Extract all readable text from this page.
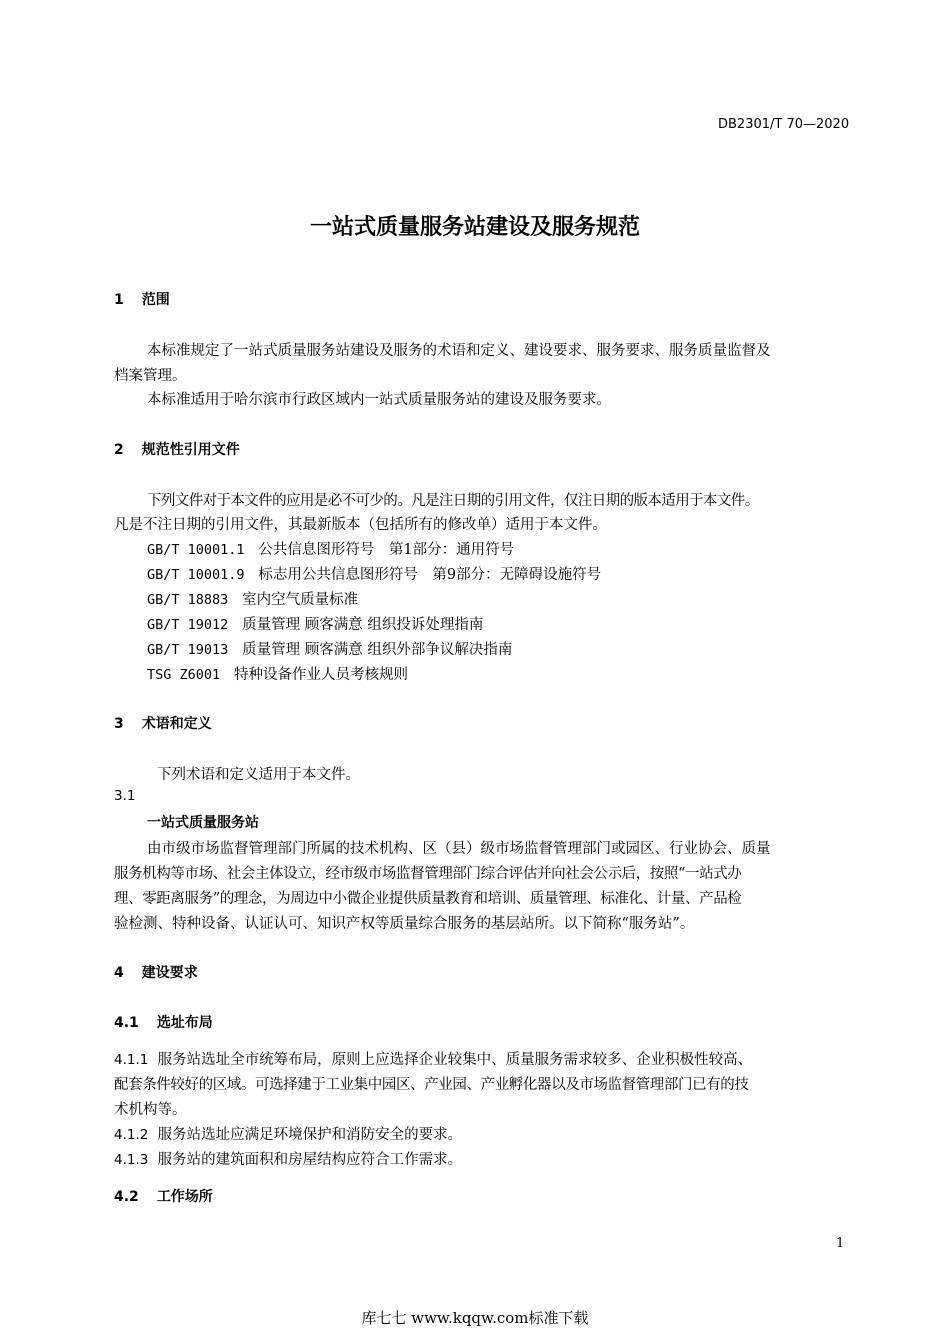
DB2301/T 70—2020
一站式质量服务站建设及服务规范
1 范围
本标准规定了一站式质量服务站建设及服务的术语和定义、建设要求、服务要求、服务质量监督及
档案管理。
本标准适用于哈尔滨市行政区域内一站式质量服务站的建设及服务要求。
2 规范性引用文件
下列文件对于本文件的应用是必不可少的。凡是注日期的引用文件，仅注日期的版本适用于本文件。
凡是不注日期的引用文件，其最新版本（包括所有的修改单）适用于本文件。
GB/T 10001.1 公共信息图形符号　第1部分：通用符号
GB/T 10001.9 标志用公共信息图形符号　第9部分：无障碍设施符号
GB/T 18883 室内空气质量标准
GB/T 19012 质量管理 顾客满意 组织投诉处理指南
GB/T 19013 质量管理 顾客满意 组织外部争议解决指南
TSG Z6001 特种设备作业人员考核规则
3 术语和定义
下列术语和定义适用于本文件。
3.1
一站式质量服务站
由市级市场监督管理部门所属的技术机构、区（县）级市场监督管理部门或园区、行业协会、质量
服务机构等市场、社会主体设立，经市级市场监督管理部门综合评估并向社会公示后，按照“一站式办
理、零距离服务”的理念，为周边中小微企业提供质量教育和培训、质量管理、标准化、计量、产品检
验检测、特种设备、认证认可、知识产权等质量综合服务的基层站所。以下简称“服务站”。
4 建设要求
4.1 选址布局
4.1.1 服务站选址全市统筹布局，原则上应选择企业较集中、质量服务需求较多、企业积极性较高、
配套条件较好的区域。可选择建于工业集中园区、产业园、产业孵化器以及市场监督管理部门已有的技
术机构等。
4.1.2 服务站选址应满足环境保护和消防安全的要求。
4.1.3 服务站的建筑面积和房屋结构应符合工作需求。
4.2 工作场所
1
库七七 www.kqqw.com标准下载
